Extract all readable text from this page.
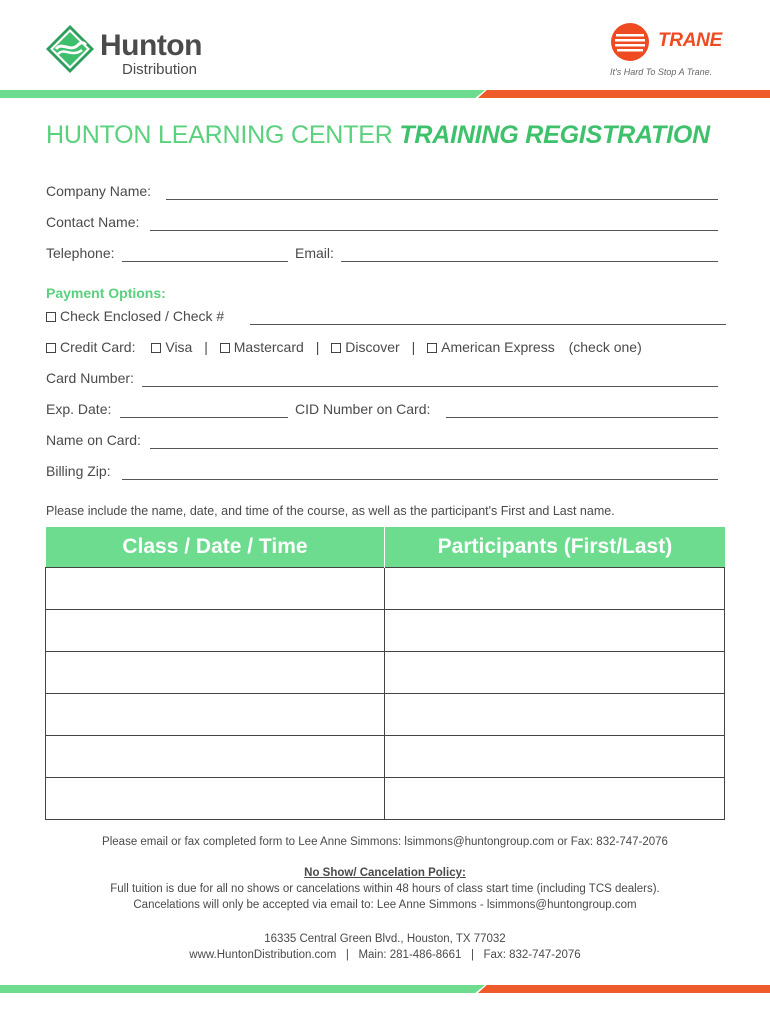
Hunton
Distribution
TRANE
It's Hard To Stop A Trane.
HUNTON LEARNING CENTER TRAINING REGISTRATION
Company Name:
Contact Name:
Telephone:	Email:
Payment Options:
Check Enclosed / Check #
Credit Card: Visa | Mastercard | Discover | American Express (check one)
Card Number:
Exp. Date:	CID Number on Card:
Name on Card:
Billing Zip:
Please include the name, date, and time of the course, as well as the participant's First and Last name.
Class / Date / Time	Participants (First/Last)

Please email or fax completed form to Lee Anne Simmons: lsimmons@huntongroup.com or Fax: 832-747-2076
No Show/ Cancelation Policy:
Full tuition is due for all no shows or cancelations within 48 hours of class start time (including TCS dealers).
Cancelations will only be accepted via email to: Lee Anne Simmons - lsimmons@huntongroup.com
16335 Central Green Blvd., Houston, TX 77032
www.HuntonDistribution.com   |   Main: 281-486-8661   |   Fax: 832-747-2076
